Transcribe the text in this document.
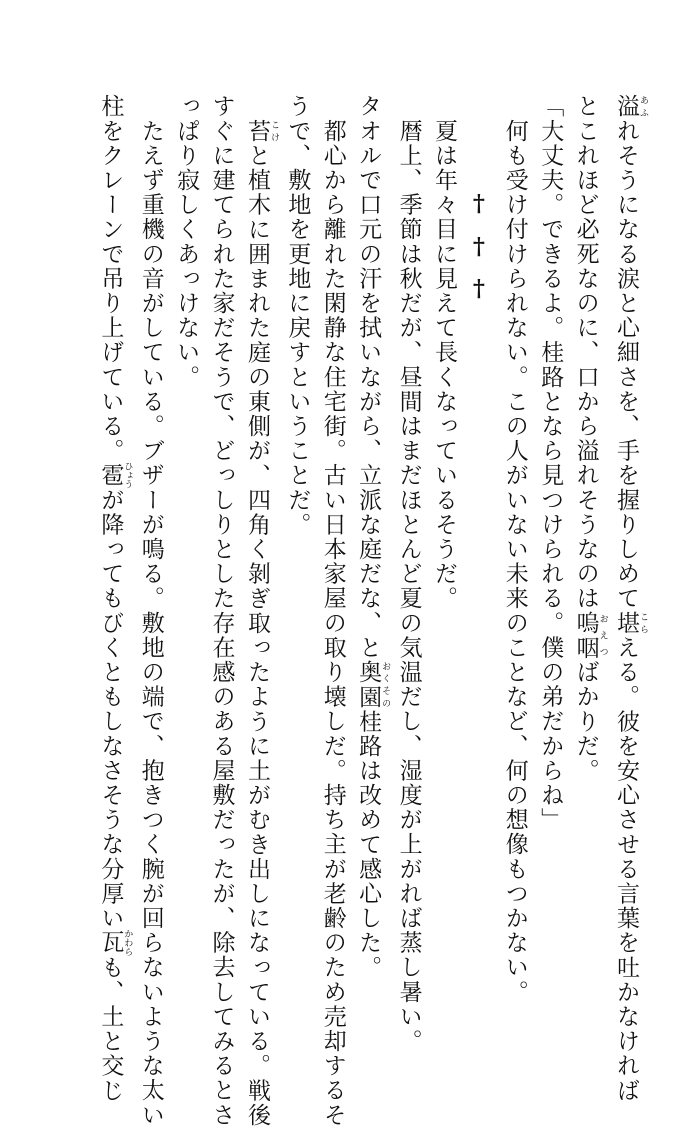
溢 あふれそうになる涙と心細さを、手を握りしめて堪 こらえる。彼を安心させる言葉を吐かなければ
とこれほど必死なのに、口から溢れそうなのは嗚咽 おえつばかりだ。
「大丈夫。できるよ。桂路となら見つけられる。僕の弟だからね」
　何も受け付けられない。この人がいない未来のことなど、何の想像もつかない。
†††
　夏は年々目に見えて長くなっているそうだ。
　暦上、季節は秋だが、昼間はまだほとんど夏の気温だし、湿度が上がれば蒸し暑い。
タオルで口元の汗を拭いながら、立派な庭だな、と奥園 おくその桂路は改めて感心した。
　都心から離れた閑静な住宅街。古い日本家屋の取り壊しだ。持ち主が老齢のため売却するそ
うで、敷地を更地に戻すということだ。
　苔 こけと植木に囲まれた庭の東側が、四角く剝ぎ取ったように土がむき出しになっている。戦後
すぐに建てられた家だそうで、どっしりとした存在感のある屋敷だったが、除去してみるとさ
っぱり寂しくあっけない。
　たえず重機の音がしている。ブザーが鳴る。敷地の端で、抱きつく腕が回らないような太い
柱をクレーンで吊り上げている。雹 ひょうが降ってもびくともしなさそうな分厚い瓦 かわらも、土と交じ
